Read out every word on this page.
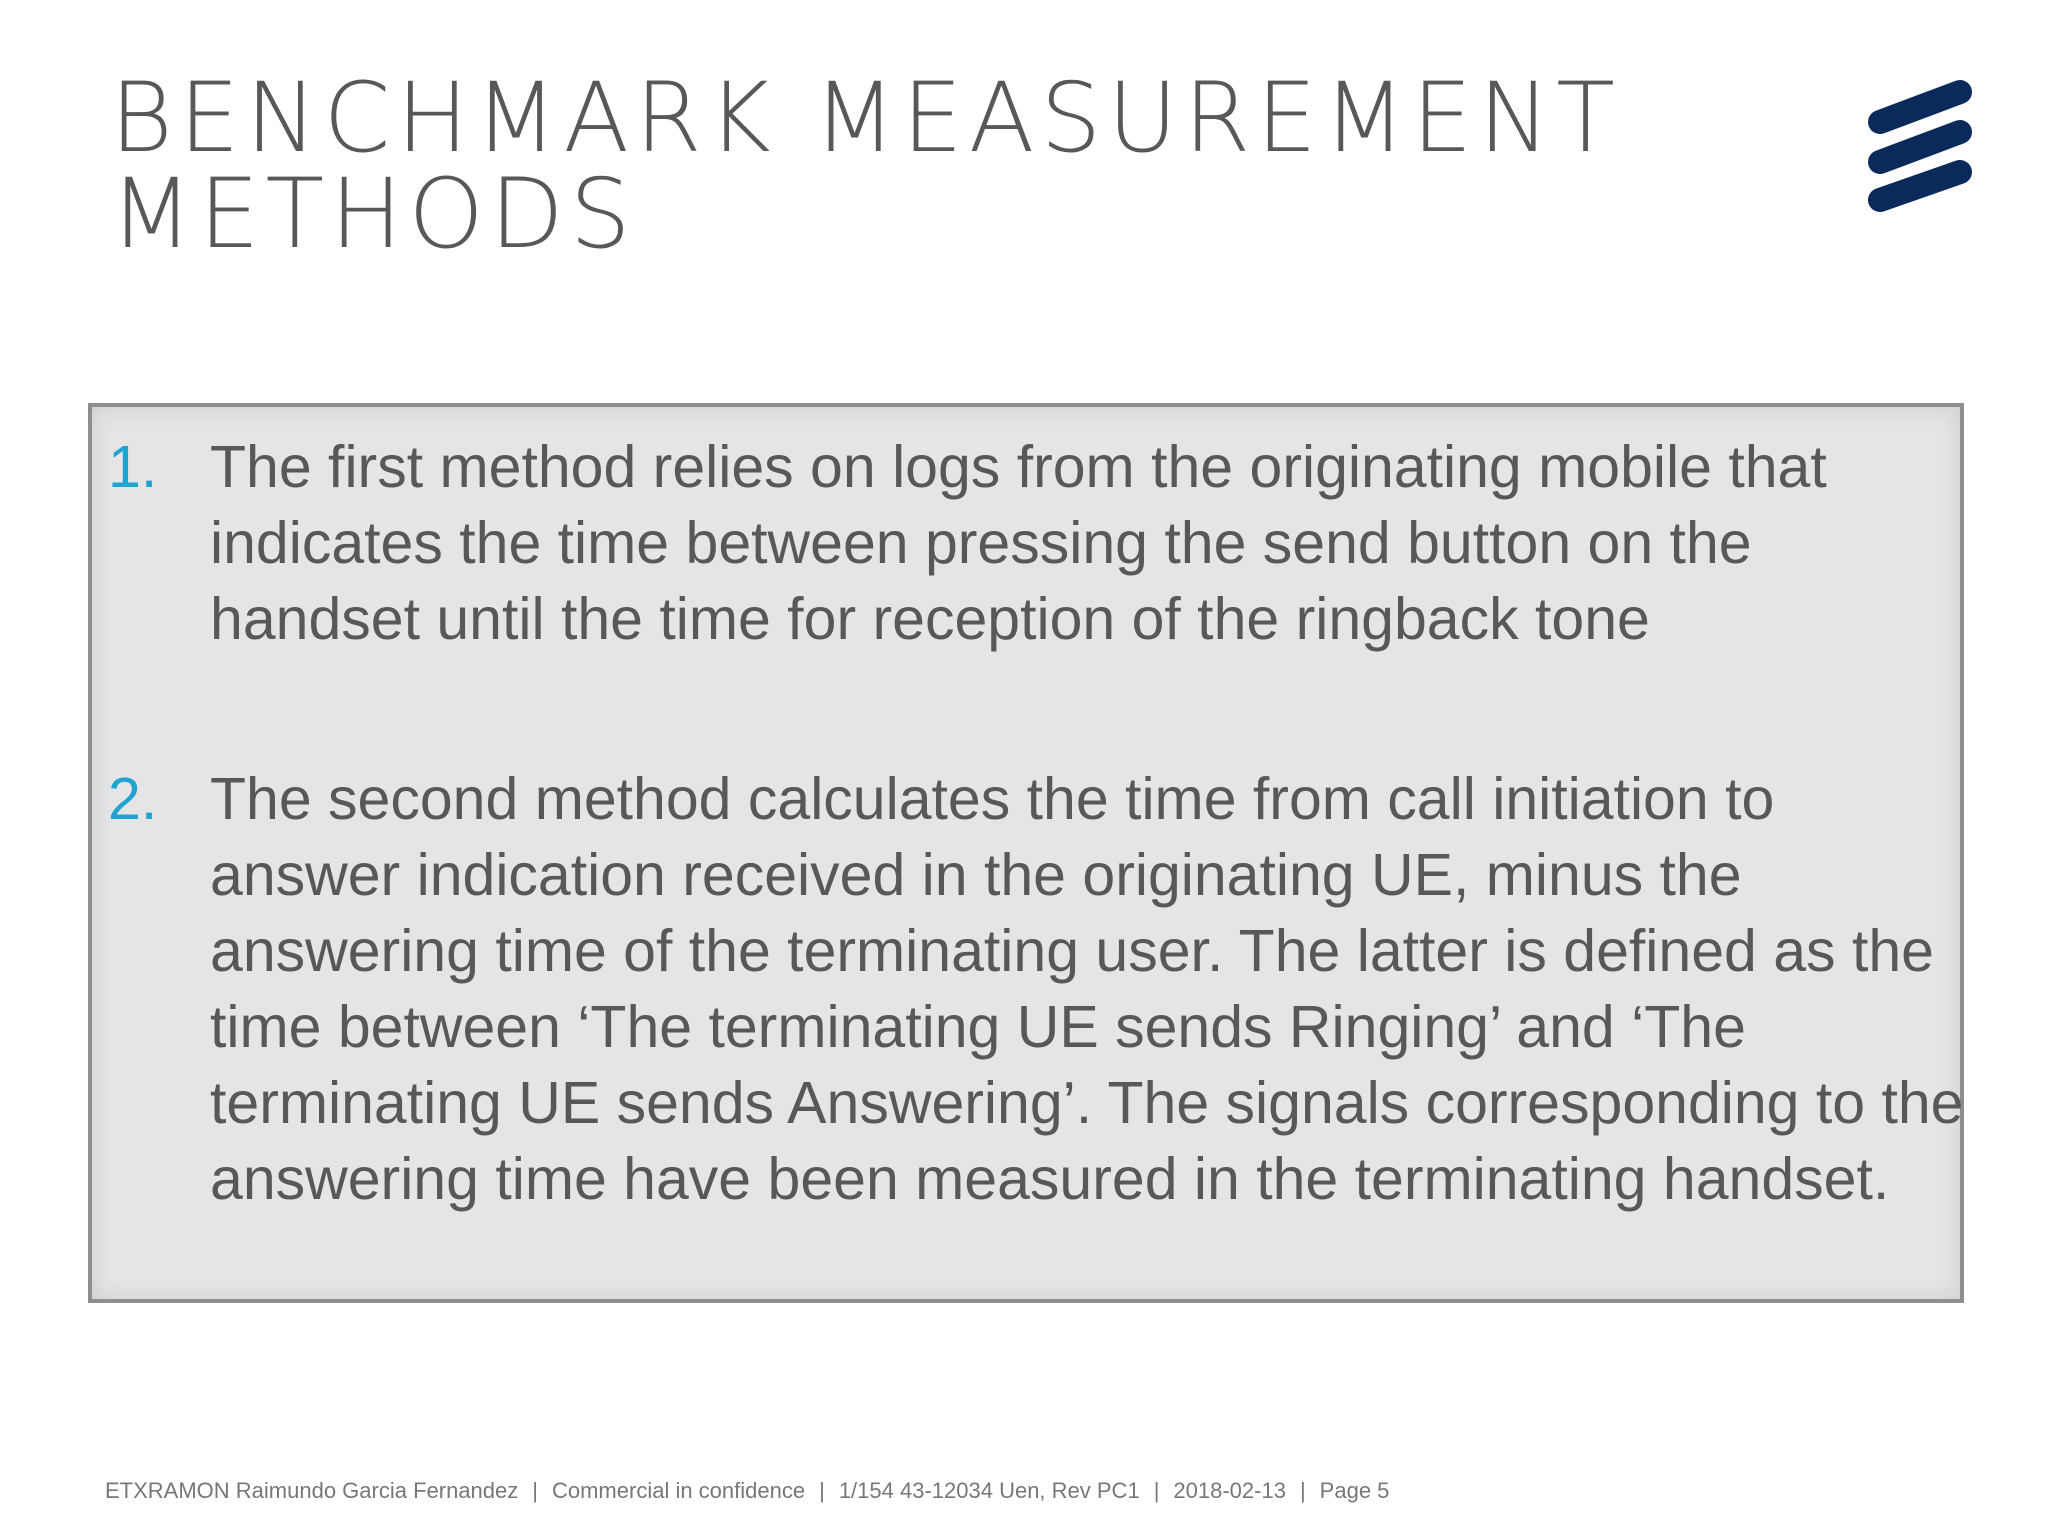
BENCHMARK MEASUREMENT
METHODS
1. The first method relies on logs from the originating mobile that indicates the time between pressing the send button on the handset until the time for reception of the ringback tone
2. The second method calculates the time from call initiation to answer indication received in the originating UE, minus the answering time of the terminating user. The latter is defined as the time between ‘The terminating UE sends Ringing’ and ‘The terminating UE sends Answering’. The signals corresponding to the answering time have been measured in the terminating handset.
ETXRAMON Raimundo Garcia Fernandez | Commercial in confidence | 1/154 43-12034 Uen, Rev PC1 | 2018-02-13 | Page 5
